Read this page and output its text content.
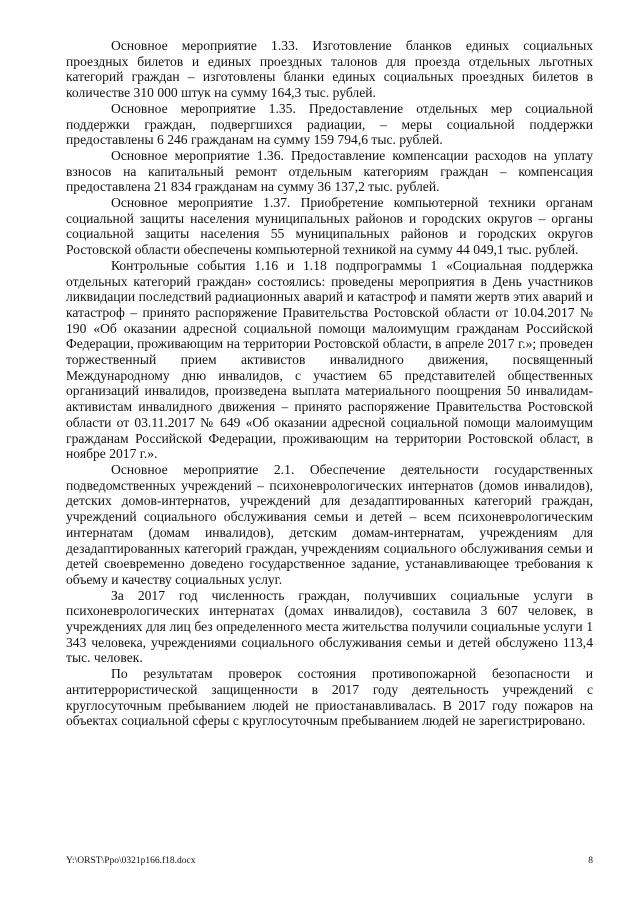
Основное мероприятие 1.33. Изготовление бланков единых социальных проездных билетов и единых проездных талонов для проезда отдельных льготных категорий граждан – изготовлены бланки единых социальных проездных билетов в количестве 310 000 штук на сумму 164,3 тыс. рублей.

Основное мероприятие 1.35. Предоставление отдельных мер социальной поддержки граждан, подвергшихся радиации, – меры социальной поддержки предоставлены 6 246 гражданам на сумму 159 794,6 тыс. рублей.

Основное мероприятие 1.36. Предоставление компенсации расходов на уплату взносов на капитальный ремонт отдельным категориям граждан – компенсация предоставлена 21 834 гражданам на сумму 36 137,2 тыс. рублей.

Основное мероприятие 1.37. Приобретение компьютерной техники органам социальной защиты населения муниципальных районов и городских округов – органы социальной защиты населения 55 муниципальных районов и городских округов Ростовской области обеспечены компьютерной техникой на сумму 44 049,1 тыс. рублей.

Контрольные события 1.16 и 1.18 подпрограммы 1 «Социальная поддержка отдельных категорий граждан» состоялись: проведены мероприятия в День участников ликвидации последствий радиационных аварий и катастроф и памяти жертв этих аварий и катастроф – принято распоряжение Правительства Ростовской области от 10.04.2017 № 190 «Об оказании адресной социальной помощи малоимущим гражданам Российской Федерации, проживающим на территории Ростовской области, в апреле 2017 г.»; проведен торжественный прием активистов инвалидного движения, посвященный Международному дню инвалидов, с участием 65 представителей общественных организаций инвалидов, произведена выплата материального поощрения 50 инвалидам-активистам инвалидного движения – принято распоряжение Правительства Ростовской области от 03.11.2017 № 649 «Об оказании адресной социальной помощи малоимущим гражданам Российской Федерации, проживающим на территории Ростовской област, в ноябре 2017 г.».

Основное мероприятие 2.1. Обеспечение деятельности государственных подведомственных учреждений – психоневрологических интернатов (домов инвалидов), детских домов-интернатов, учреждений для дезадаптированных категорий граждан, учреждений социального обслуживания семьи и детей – всем психоневрологическим интернатам (домам инвалидов), детским домам-интернатам, учреждениям для дезадаптированных категорий граждан, учреждениям социального обслуживания семьи и детей своевременно доведено государственное задание, устанавливающее требования к объему и качеству социальных услуг.

За 2017 год численность граждан, получивших социальные услуги в психоневрологических интернатах (домах инвалидов), составила 3 607 человек, в учреждениях для лиц без определенного места жительства получили социальные услуги 1 343 человека, учреждениями социального обслуживания семьи и детей обслужено 113,4 тыс. человек.

По результатам проверок состояния противопожарной безопасности и антитеррористической защищенности в 2017 году деятельность учреждений с круглосуточным пребыванием людей не приостанавливалась. В 2017 году пожаров на объектах социальной сферы с круглосуточным пребыванием людей не зарегистрировано.

Y:\ORST\Ppo\0321p166.f18.docx	8
